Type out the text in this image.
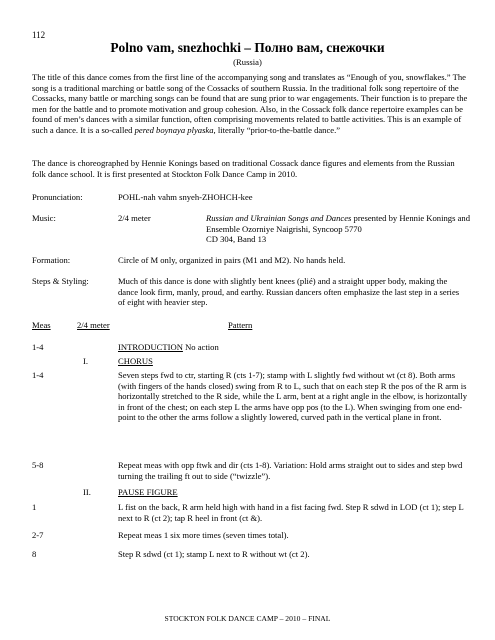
112
Polno vam, snezhochki – Полно вам, снежочки
(Russia)
The title of this dance comes from the first line of the accompanying song and translates as “Enough of you, snowflakes.” The song is a traditional marching or battle song of the Cossacks of southern Russia. In the traditional folk song repertoire of the Cossacks, many battle or marching songs can be found that are sung prior to war engagements. Their function is to prepare the men for the battle and to promote motivation and group cohesion. Also, in the Cossack folk dance repertoire examples can be found of men’s dances with a similar function, often comprising movements related to battle activities. This is an example of such a dance. It is a so-called pered boynaya plyaska, literally “prior-to-the-battle dance.”
The dance is choreographed by Hennie Konings based on traditional Cossack dance figures and elements from the Russian folk dance school. It is first presented at Stockton Folk Dance Camp in 2010.
Pronunciation:	POHL-nah vahm snyeh-ZHOHCH-kee
Music:	2/4 meter	Russian and Ukrainian Songs and Dances presented by Hennie Konings and Ensemble Ozorniye Naigrishi, Syncoop 5770
CD 304, Band 13
Formation:	Circle of M only, organized in pairs (M1 and M2). No hands held.
Steps & Styling:	Much of this dance is done with slightly bent knees (plié) and a straight upper body, making the dance look firm, manly, proud, and earthy. Russian dancers often emphasize the last step in a series of eight with heavier step.
Meas	2/4 meter	Pattern
1-4	INTRODUCTION No action
I.	CHORUS
1-4	Seven steps fwd to ctr, starting R (cts 1-7); stamp with L slightly fwd without wt (ct 8). Both arms (with fingers of the hands closed) swing from R to L, such that on each step R the pos of the R arm is horizontally stretched to the R side, while the L arm, bent at a right angle in the elbow, is horizontally in front of the chest; on each step L the arms have opp pos (to the L). When swinging from one end-point to the other the arms follow a slightly lowered, curved path in the vertical plane in front.
5-8	Repeat meas with opp ftwk and dir (cts 1-8). Variation: Hold arms straight out to sides and step bwd turning the trailing ft out to side (“twizzle”).
II.	PAUSE FIGURE
1	L fist on the back, R arm held high with hand in a fist facing fwd. Step R sdwd in LOD (ct 1); step L next to R (ct 2); tap R heel in front (ct &).
2-7	Repeat meas 1 six more times (seven times total).
8	Step R sdwd (ct 1); stamp L next to R without wt (ct 2).
STOCKTON FOLK DANCE CAMP – 2010 – FINAL
